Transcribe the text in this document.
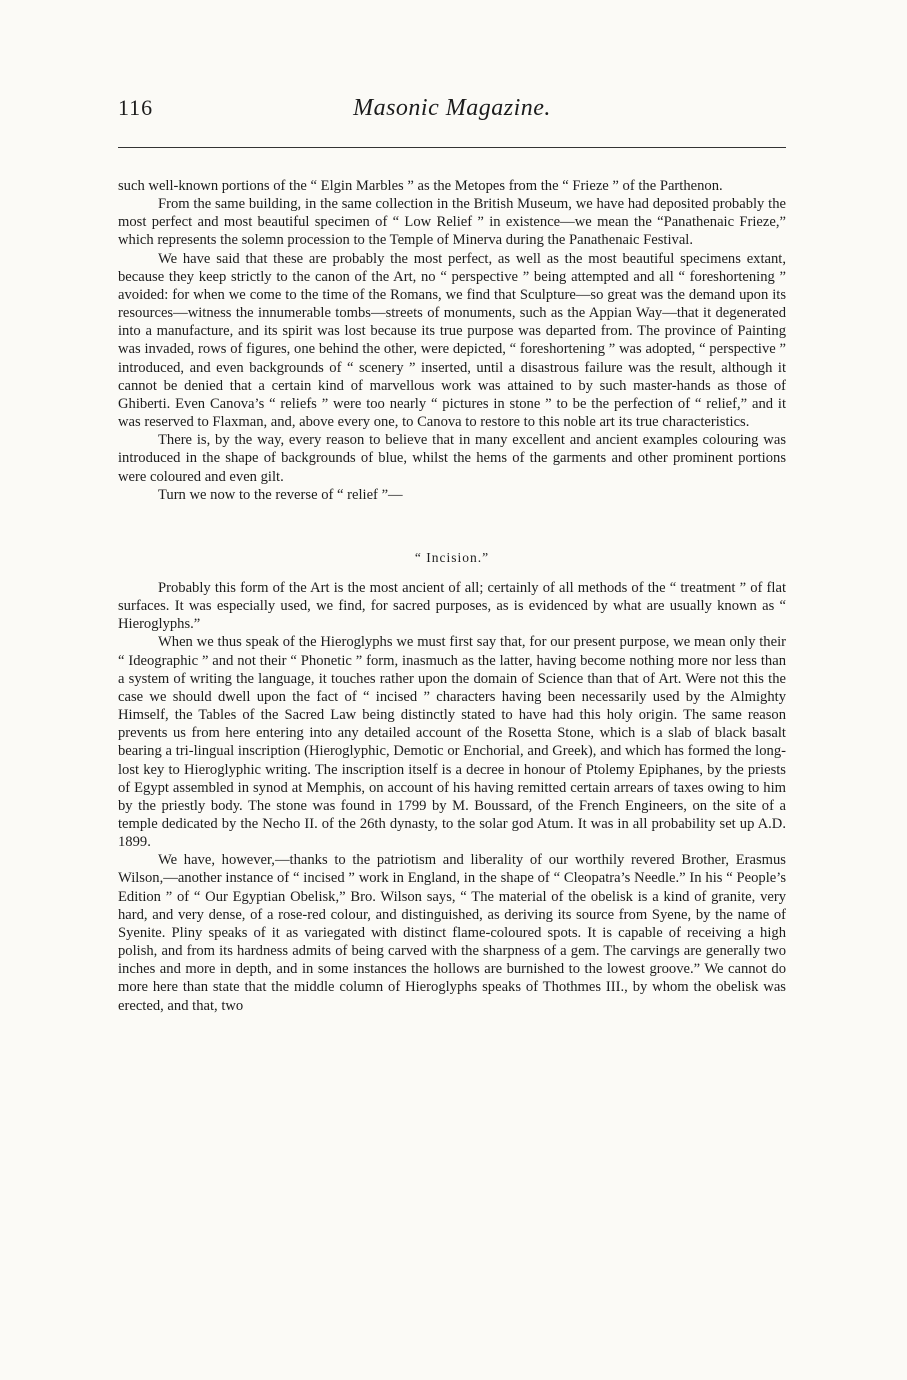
116	Masonic Magazine.

such well-known portions of the “ Elgin Marbles ” as the Metopes from the “ Frieze ” of the Parthenon.

From the same building, in the same collection in the British Museum, we have had deposited probably the most perfect and most beautiful specimen of “ Low Relief ” in existence—we mean the “Panathenaic Frieze,” which represents the solemn procession to the Temple of Minerva during the Panathenaic Festival.

We have said that these are probably the most perfect, as well as the most beautiful specimens extant, because they keep strictly to the canon of the Art, no “ perspective ” being attempted and all “ foreshortening ” avoided: for when we come to the time of the Romans, we find that Sculpture—so great was the demand upon its resources—witness the innumerable tombs—streets of monuments, such as the Appian Way—that it degenerated into a manufacture, and its spirit was lost because its true purpose was departed from. The province of Painting was invaded, rows of figures, one behind the other, were depicted, “ foreshortening ” was adopted, “ perspective ” introduced, and even backgrounds of “ scenery ” inserted, until a disastrous failure was the result, although it cannot be denied that a certain kind of marvellous work was attained to by such master-hands as those of Ghiberti. Even Canova’s “ reliefs ” were too nearly “ pictures in stone ” to be the perfection of “ relief,” and it was reserved to Flaxman, and, above every one, to Canova to restore to this noble art its true characteristics.

There is, by the way, every reason to believe that in many excellent and ancient examples colouring was introduced in the shape of backgrounds of blue, whilst the hems of the garments and other prominent portions were coloured and even gilt.

Turn we now to the reverse of “ relief ”—

“ Incision.”

Probably this form of the Art is the most ancient of all; certainly of all methods of the “ treatment ” of flat surfaces. It was especially used, we find, for sacred purposes, as is evidenced by what are usually known as “ Hieroglyphs.”

When we thus speak of the Hieroglyphs we must first say that, for our present purpose, we mean only their “ Ideographic ” and not their “ Phonetic ” form, inasmuch as the latter, having become nothing more nor less than a system of writing the language, it touches rather upon the domain of Science than that of Art. Were not this the case we should dwell upon the fact of “ incised ” characters having been necessarily used by the Almighty Himself, the Tables of the Sacred Law being distinctly stated to have had this holy origin. The same reason prevents us from here entering into any detailed account of the Rosetta Stone, which is a slab of black basalt bearing a tri-lingual inscription (Hieroglyphic, Demotic or Enchorial, and Greek), and which has formed the long-lost key to Hieroglyphic writing. The inscription itself is a decree in honour of Ptolemy Epiphanes, by the priests of Egypt assembled in synod at Memphis, on account of his having remitted certain arrears of taxes owing to him by the priestly body. The stone was found in 1799 by M. Boussard, of the French Engineers, on the site of a temple dedicated by the Necho II. of the 26th dynasty, to the solar god Atum. It was in all probability set up A.D. 1899.

We have, however,—thanks to the patriotism and liberality of our worthily revered Brother, Erasmus Wilson,—another instance of “ incised ” work in England, in the shape of “ Cleopatra’s Needle.” In his “ People’s Edition ” of “ Our Egyptian Obelisk,” Bro. Wilson says, “ The material of the obelisk is a kind of granite, very hard, and very dense, of a rose-red colour, and distinguished, as deriving its source from Syene, by the name of Syenite. Pliny speaks of it as variegated with distinct flame-coloured spots. It is capable of receiving a high polish, and from its hardness admits of being carved with the sharpness of a gem. The carvings are generally two inches and more in depth, and in some instances the hollows are burnished to the lowest groove.” We cannot do more here than state that the middle column of Hieroglyphs speaks of Thothmes III., by whom the obelisk was erected, and that, two
